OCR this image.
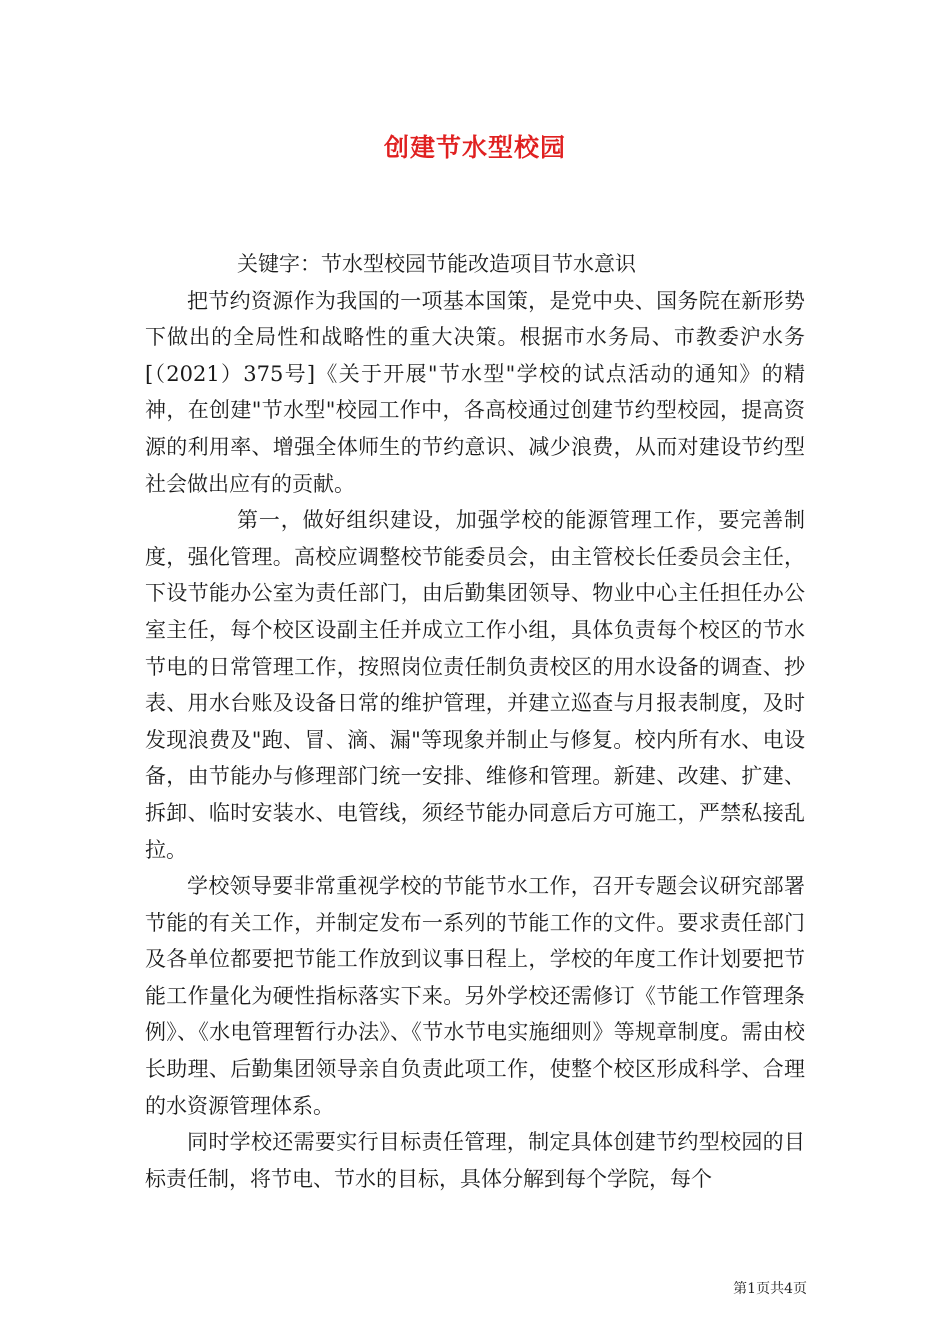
创建节水型校园

关键字：节水型校园节能改造项目节水意识

把节约资源作为我国的一项基本国策，是党中央、国务院在新形势下做出的全局性和战略性的重大决策。根据市水务局、市教委沪水务[（2021）375号]《关于开展"节水型"学校的试点活动的通知》的精神，在创建"节水型"校园工作中，各高校通过创建节约型校园，提高资源的利用率、增强全体师生的节约意识、减少浪费，从而对建设节约型社会做出应有的贡献。

第一，做好组织建设，加强学校的能源管理工作，要完善制度，强化管理。高校应调整校节能委员会，由主管校长任委员会主任，下设节能办公室为责任部门，由后勤集团领导、物业中心主任担任办公室主任，每个校区设副主任并成立工作小组，具体负责每个校区的节水节电的日常管理工作，按照岗位责任制负责校区的用水设备的调查、抄表、用水台账及设备日常的维护管理，并建立巡查与月报表制度，及时发现浪费及"跑、冒、滴、漏"等现象并制止与修复。校内所有水、电设备，由节能办与修理部门统一安排、维修和管理。新建、改建、扩建、拆卸、临时安装水、电管线，须经节能办同意后方可施工，严禁私接乱拉。

学校领导要非常重视学校的节能节水工作，召开专题会议研究部署节能的有关工作，并制定发布一系列的节能工作的文件。要求责任部门及各单位都要把节能工作放到议事日程上，学校的年度工作计划要把节能工作量化为硬性指标落实下来。另外学校还需修订《节能工作管理条例》、《水电管理暂行办法》、《节水节电实施细则》等规章制度。需由校长助理、后勤集团领导亲自负责此项工作，使整个校区形成科学、合理的水资源管理体系。

同时学校还需要实行目标责任管理，制定具体创建节约型校园的目标责任制，将节电、节水的目标，具体分解到每个学院，每个

第1页共4页
